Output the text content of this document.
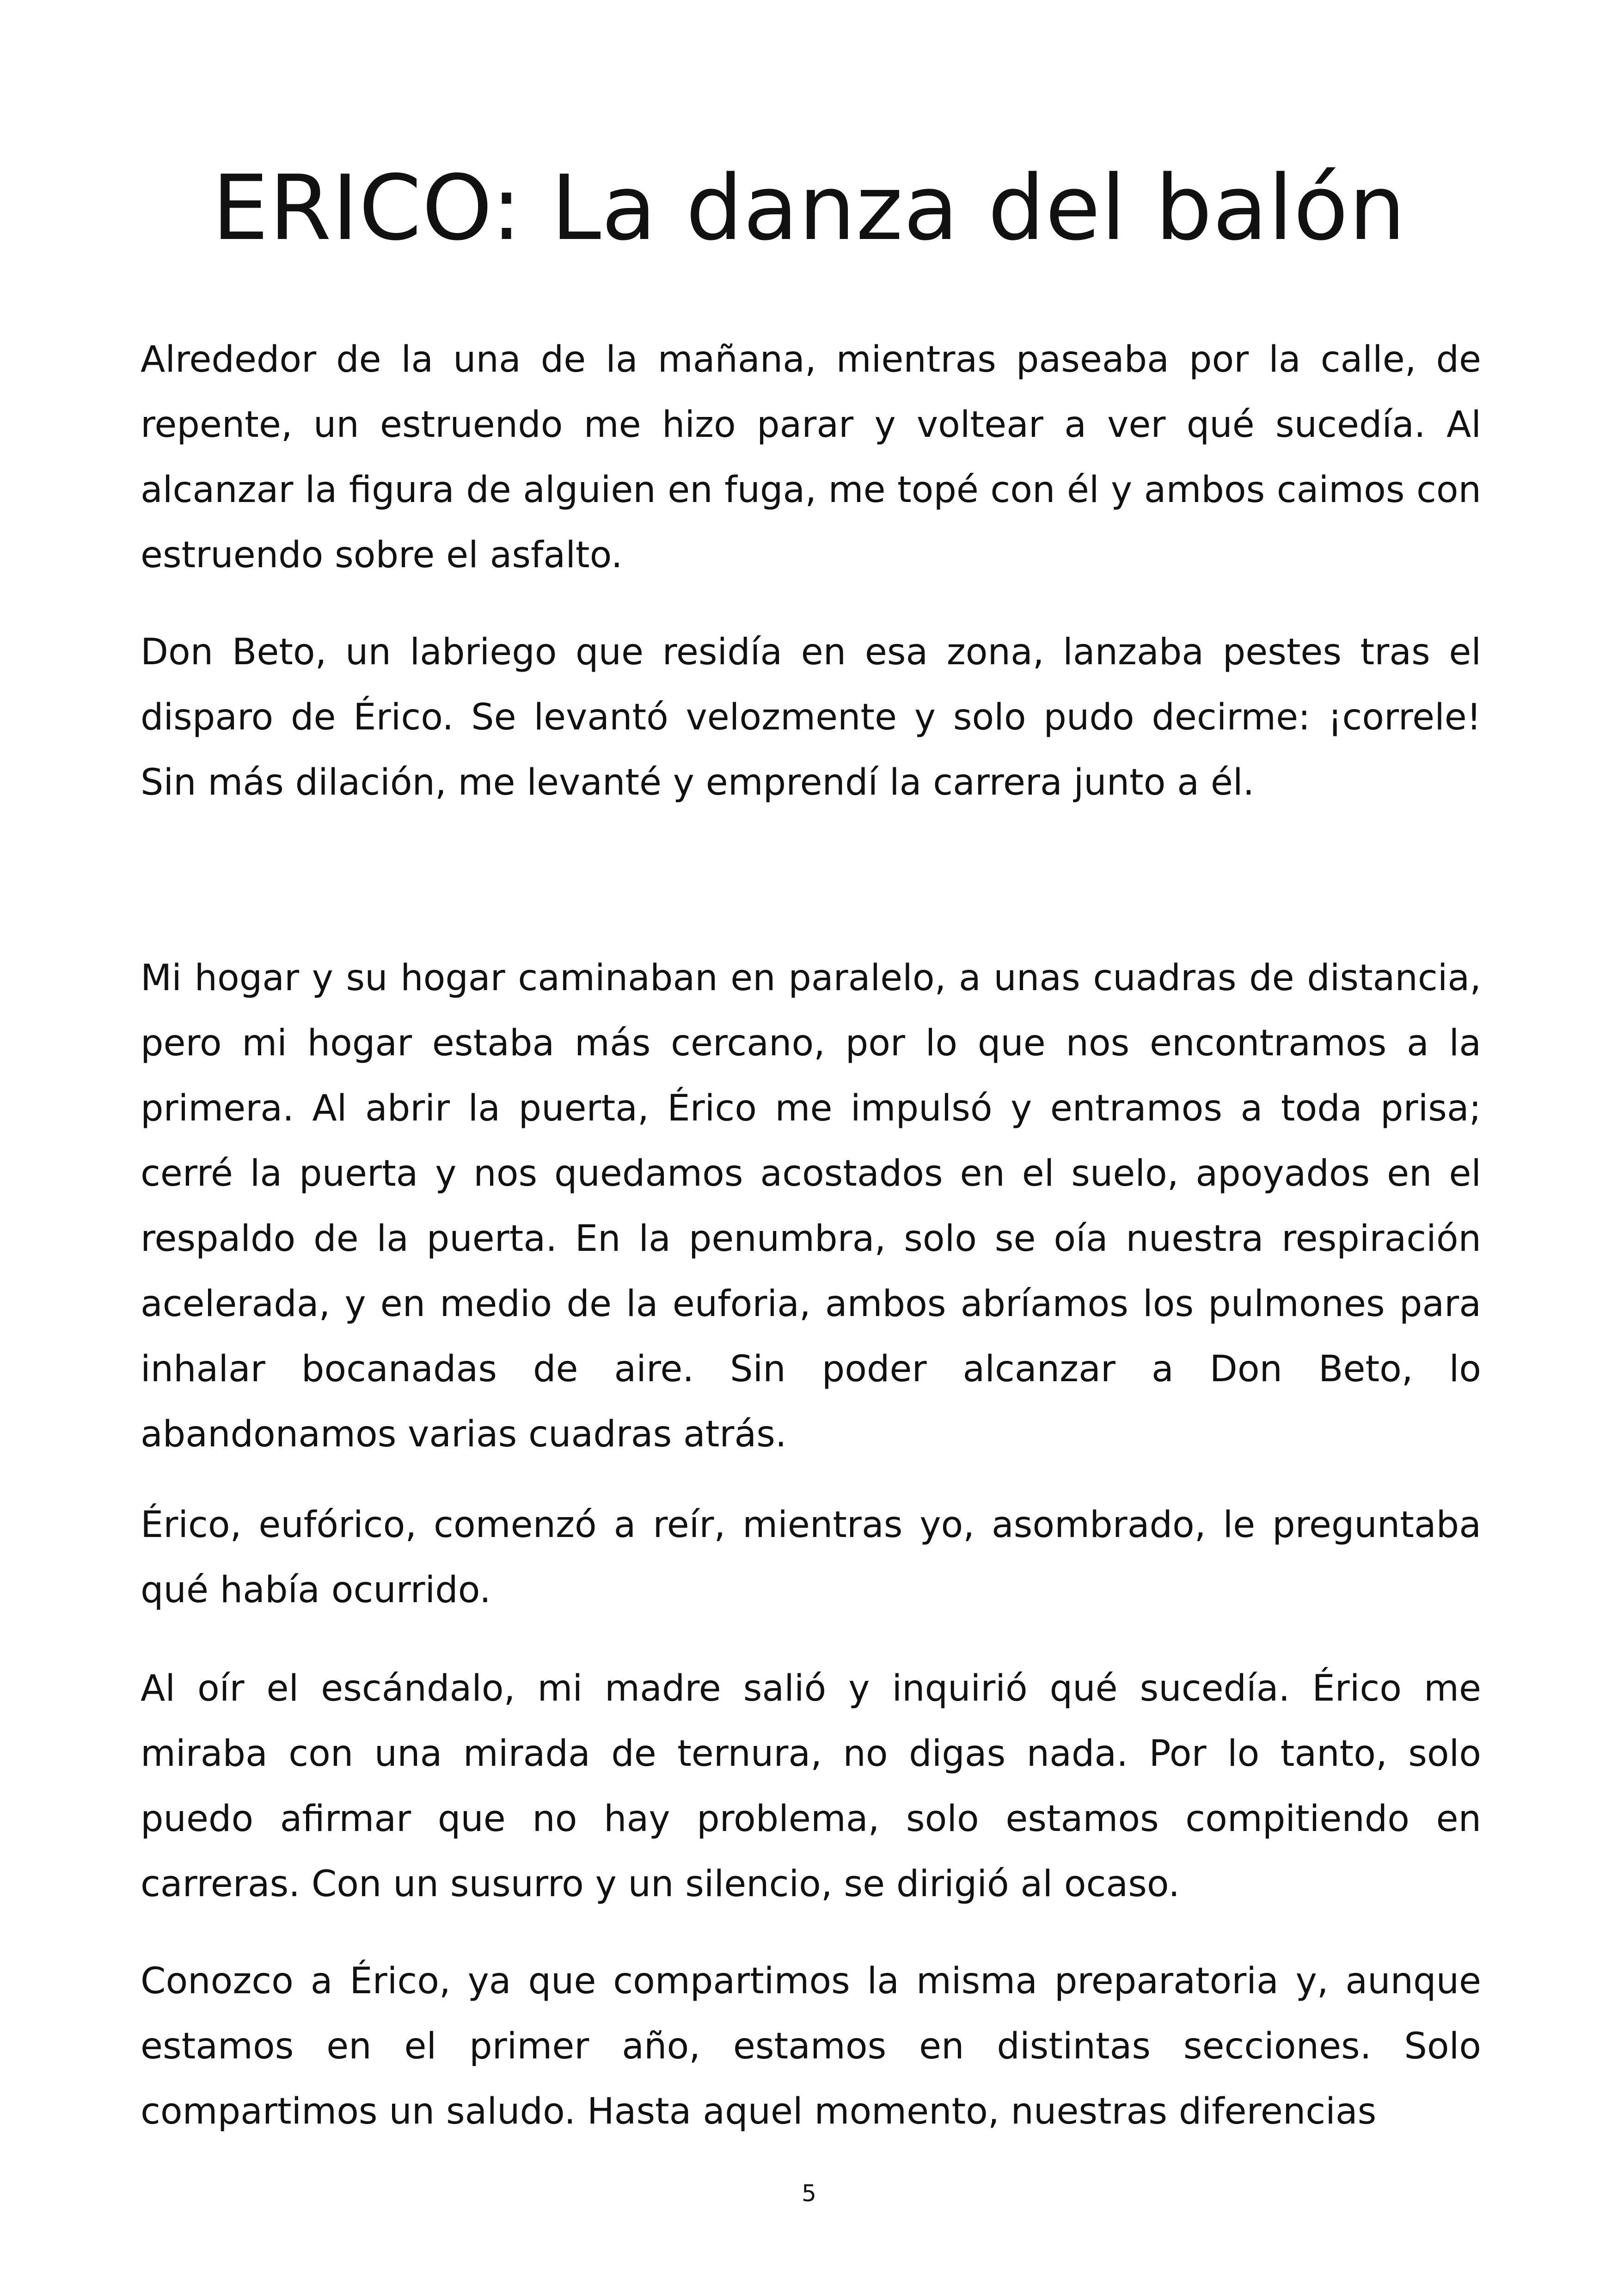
ERICO: La danza del balón

Alrededor de la una de la mañana, mientras paseaba por la calle, de repente, un estruendo me hizo parar y voltear a ver qué sucedía. Al alcanzar la figura de alguien en fuga, me topé con él y ambos caimos con estruendo sobre el asfalto.

Don Beto, un labriego que residía en esa zona, lanzaba pestes tras el disparo de Érico. Se levantó velozmente y solo pudo decirme: ¡correle! Sin más dilación, me levanté y emprendí la carrera junto a él.

Mi hogar y su hogar caminaban en paralelo, a unas cuadras de distancia, pero mi hogar estaba más cercano, por lo que nos encontramos a la primera. Al abrir la puerta, Érico me impulsó y entramos a toda prisa; cerré la puerta y nos quedamos acostados en el suelo, apoyados en el respaldo de la puerta. En la penumbra, solo se oía nuestra respiración acelerada, y en medio de la euforia, ambos abríamos los pulmones para inhalar bocanadas de aire. Sin poder alcanzar a Don Beto, lo abandonamos varias cuadras atrás.

Érico, eufórico, comenzó a reír, mientras yo, asombrado, le preguntaba qué había ocurrido.

Al oír el escándalo, mi madre salió y inquirió qué sucedía. Érico me miraba con una mirada de ternura, no digas nada. Por lo tanto, solo puedo afirmar que no hay problema, solo estamos compitiendo en carreras. Con un susurro y un silencio, se dirigió al ocaso.

Conozco a Érico, ya que compartimos la misma preparatoria y, aunque estamos en el primer año, estamos en distintas secciones. Solo compartimos un saludo. Hasta aquel momento, nuestras diferencias

5
